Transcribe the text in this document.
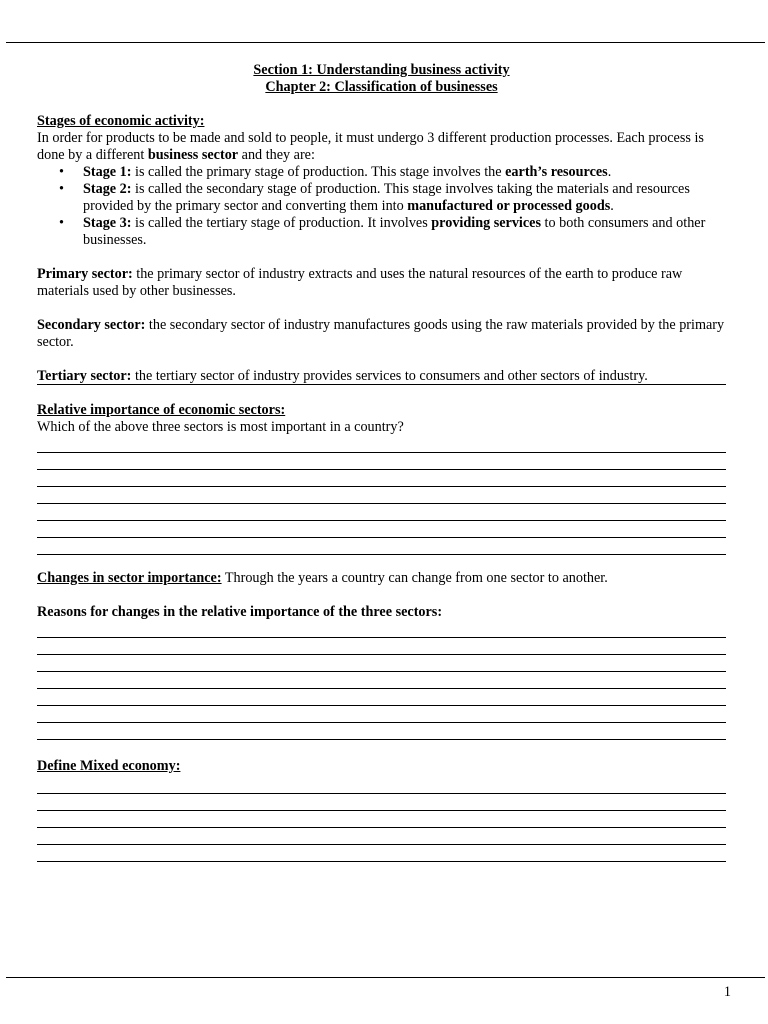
Section 1: Understanding business activity

Chapter 2: Classification of businesses

Stages of economic activity:

In order for products to be made and sold to people, it must undergo 3 different production processes. Each process is done by a different business sector and they are:

• Stage 1: is called the primary stage of production. This stage involves the earth’s resources.
• Stage 2: is called the secondary stage of production. This stage involves taking the materials and resources provided by the primary sector and converting them into manufactured or processed goods.
• Stage 3: is called the tertiary stage of production. It involves providing services to both consumers and other businesses.

Primary sector: the primary sector of industry extracts and uses the natural resources of the earth to produce raw materials used by other businesses.

Secondary sector: the secondary sector of industry manufactures goods using the raw materials provided by the primary sector.

Tertiary sector: the tertiary sector of industry provides services to consumers and other sectors of industry.

Relative importance of economic sectors:

Which of the above three sectors is most important in a country?

Changes in sector importance: Through the years a country can change from one sector to another.

Reasons for changes in the relative importance of the three sectors:

Define Mixed economy:

1
